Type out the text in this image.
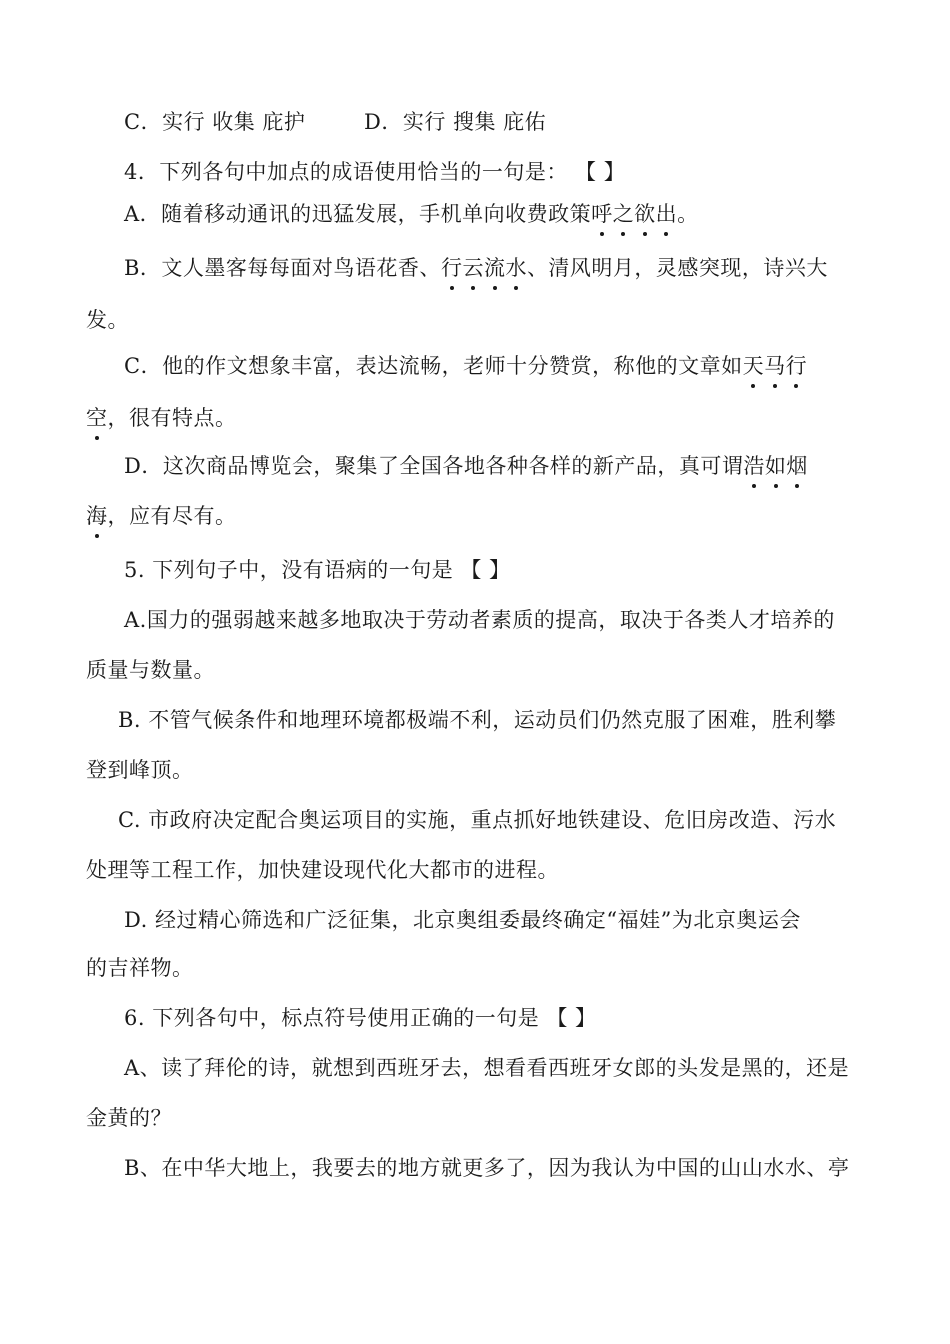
C．实行 收集 庇护	D．实行 搜集 庇佑
4．下列各句中加点的成语使用恰当的一句是： 【 】
A．随着移动通讯的迅猛发展，手机单向收费政策呼之欲出。
B．文人墨客每每面对鸟语花香、行云流水、清风明月，灵感突现，诗兴大
发。
C．他的作文想象丰富，表达流畅，老师十分赞赏，称他的文章如天马行
空，很有特点。
D．这次商品博览会，聚集了全国各地各种各样的新产品，真可谓浩如烟
海，应有尽有。
5. 下列句子中，没有语病的一句是 【 】
A.国力的强弱越来越多地取决于劳动者素质的提高，取决于各类人才培养的
质量与数量。
B. 不管气候条件和地理环境都极端不利，运动员们仍然克服了困难，胜利攀
登到峰顶。
C. 市政府决定配合奥运项目的实施，重点抓好地铁建设、危旧房改造、污水
处理等工程工作，加快建设现代化大都市的进程。
D. 经过精心筛选和广泛征集，北京奥组委最终确定“福娃”为北京奥运会
的吉祥物。
6. 下列各句中，标点符号使用正确的一句是 【 】
A、读了拜伦的诗，就想到西班牙去，想看看西班牙女郎的头发是黑的，还是
金黄的？
B、在中华大地上，我要去的地方就更多了，因为我认为中国的山山水水、亭
